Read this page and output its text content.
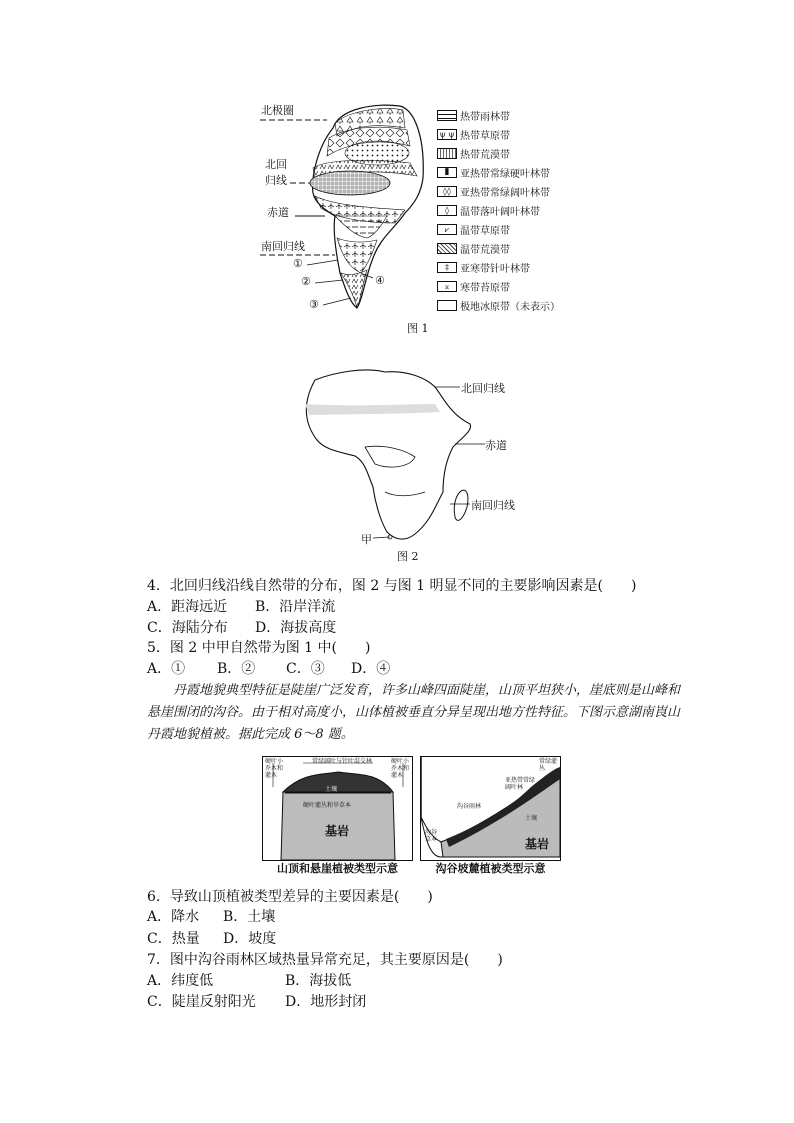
北极圈
北回
归线
赤道
南回归线
①
②
③
④
热带雨林带
ψ ψ 热带草原带
热带荒漠带
▮	亚热带常绿硬叶林带
◊◊ 亚热带常绿阔叶林带
◊	温带落叶阔叶林带
⩗	温带草原带
温带荒漠带
‡	亚寒带针叶林带
⌅ 寒带苔原带
极地冰原带（未表示）
图 1
北回归线
赤道
南回归线
甲
图 2
4．北回归线沿线自然带的分布，图 2 与图 1 明显不同的主要影响因素是(　　)
A．距海远近 B．沿岸洋流
C．海陆分布 D．海拔高度
5．图 2 中甲自然带为图 1 中(　　)
A．① B．② C．③ D．④
丹霞地貌典型特征是陡崖广泛发育，许多山峰四面陡崖，山顶平坦狭小，崖底则是山峰和悬崖围闭的沟谷。由于相对高度小，山体植被垂直分异呈现出地方性特征。下图示意湖南崀山丹霞地貌植被。据此完成 6～8 题。
硬叶小乔木和灌木
常绿阔叶与针叶混交林	硬叶小乔木和灌木
土壤
硬叶灌丛和旱草本
基岩
山顶和悬崖植被类型示意
常绿灌丛
亚热带常绿阔叶林
沟谷雨林
沟谷草本
土壤
基岩
沟谷坡麓植被类型示意
6．导致山顶植被类型差异的主要因素是(　　)
A．降水 B．土壤
C．热量 D．坡度
7．图中沟谷雨林区域热量异常充足，其主要原因是(　　)
A．纬度低	B．海拔低
C．陡崖反射阳光 D．地形封闭
